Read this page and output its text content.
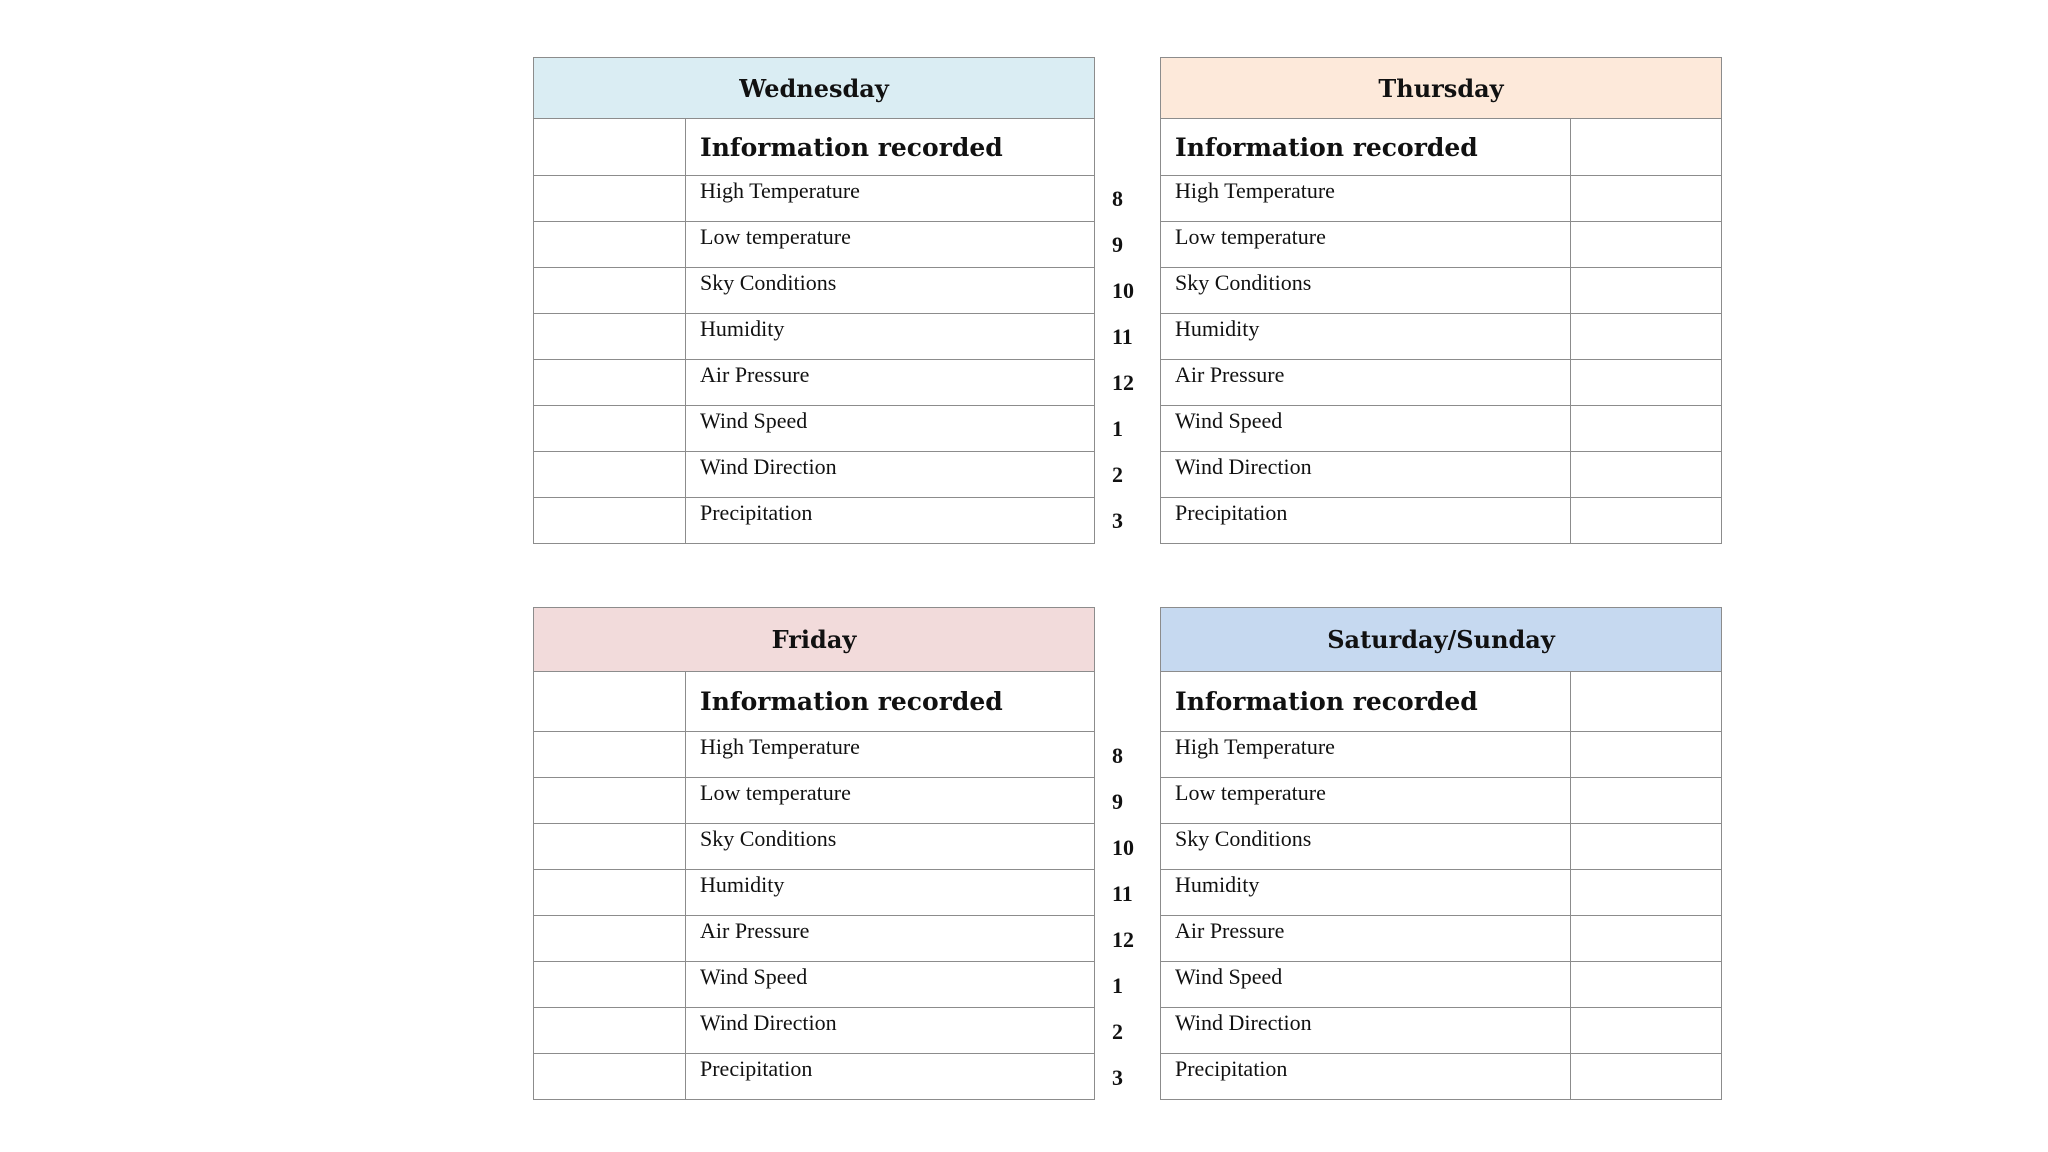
Wednesday	
	Information recorded
	High Temperature
	Low temperature
	Sky Conditions
	Humidity
	Air Pressure
	Wind Speed
	Wind Direction
	Precipitation
Thursday	
Information recorded	
High Temperature	
Low temperature	
Sky Conditions	
Humidity	
Air Pressure	
Wind Speed	
Wind Direction	
Precipitation	
Friday	
	Information recorded
	High Temperature
	Low temperature
	Sky Conditions
	Humidity
	Air Pressure
	Wind Speed
	Wind Direction
	Precipitation
Saturday/Sunday	
Information recorded	
High Temperature	
Low temperature	
Sky Conditions	
Humidity	
Air Pressure	
Wind Speed	
Wind Direction	
Precipitation	
8
9
10
11
12
1
2
3
8
9
10
11
12
1
2
3
